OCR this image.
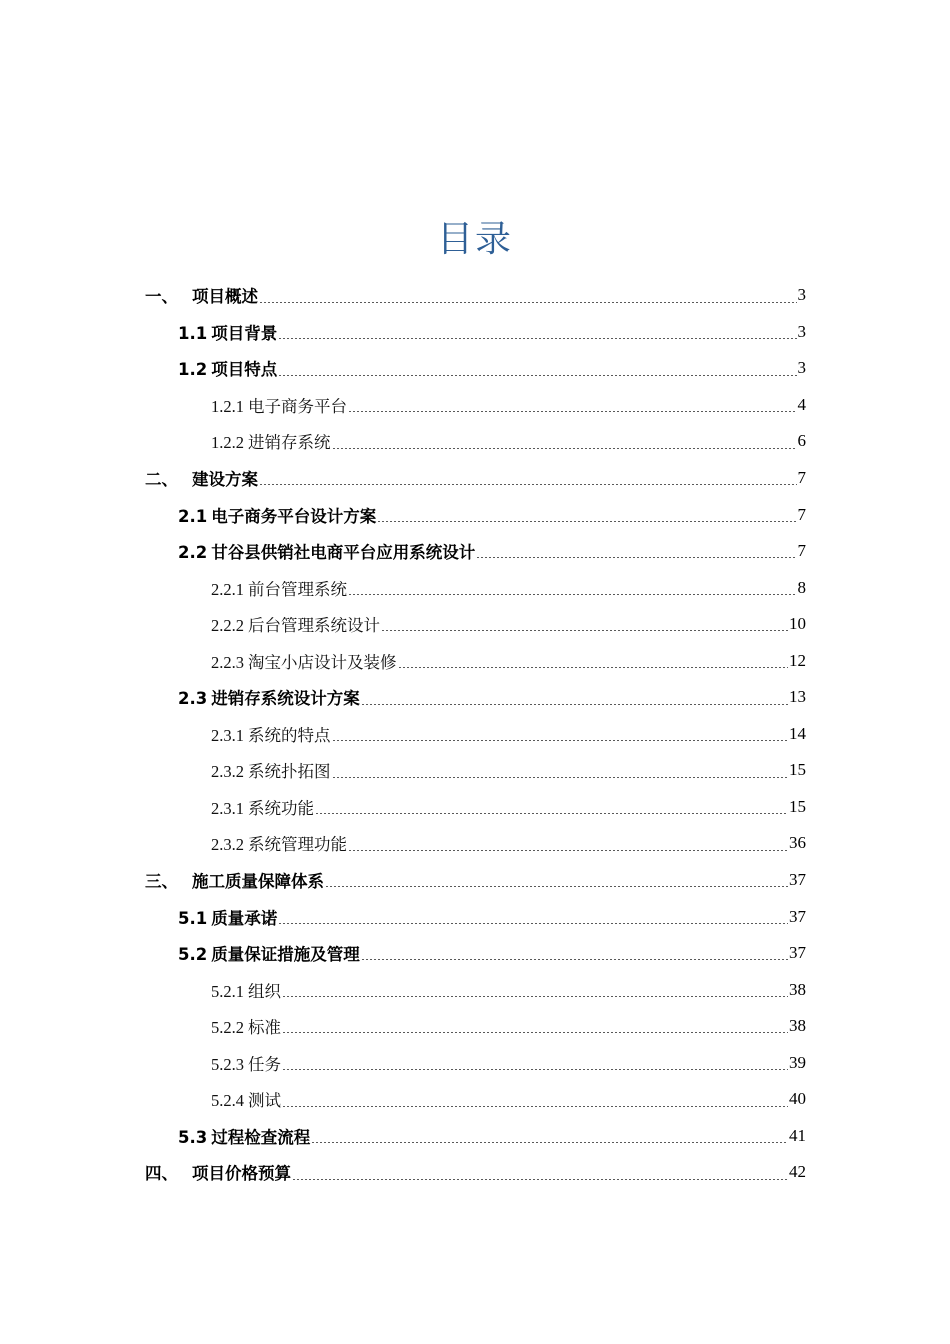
目录
一、 项目概述	3
1.1 项目背景	3
1.2 项目特点	3
1.2.1 电子商务平台	4
1.2.2 进销存系统	6
二、 建设方案	7
2.1 电子商务平台设计方案	7
2.2 甘谷县供销社电商平台应用系统设计	7
2.2.1 前台管理系统	8
2.2.2 后台管理系统设计	10
2.2.3 淘宝小店设计及装修	12
2.3 进销存系统设计方案	13
2.3.1 系统的特点	14
2.3.2 系统扑拓图	15
2.3.1 系统功能	15
2.3.2 系统管理功能	36
三、 施工质量保障体系	37
5.1 质量承诺	37
5.2 质量保证措施及管理	37
5.2.1 组织	38
5.2.2 标准	38
5.2.3 任务	39
5.2.4 测试	40
5.3 过程检查流程	41
四、 项目价格预算	42
